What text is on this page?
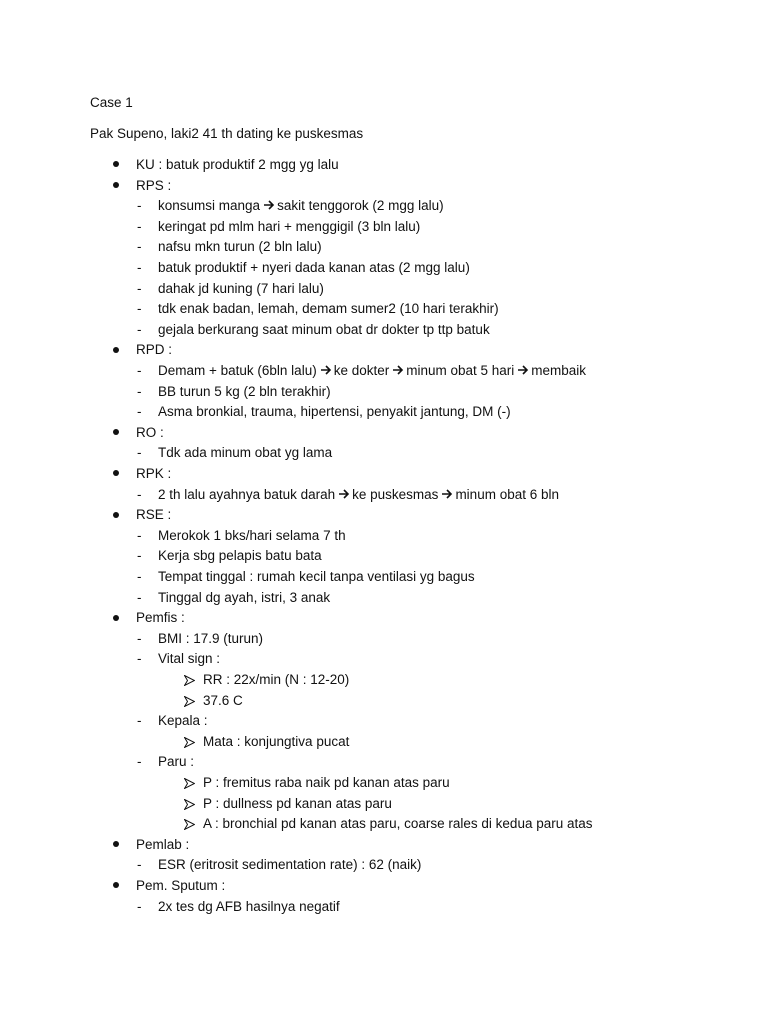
Case 1
Pak Supeno, laki2 41 th dating ke puskesmas
KU : batuk produktif 2 mgg yg lalu
RPS :
- konsumsi manga sakit tenggorok (2 mgg lalu)
- keringat pd mlm hari + menggigil (3 bln lalu)
- nafsu mkn turun (2 bln lalu)
- batuk produktif + nyeri dada kanan atas (2 mgg lalu)
- dahak jd kuning (7 hari lalu)
- tdk enak badan, lemah, demam sumer2 (10 hari terakhir)
- gejala berkurang saat minum obat dr dokter tp ttp batuk
RPD :
- Demam + batuk (6bln lalu) ke dokter minum obat 5 hari membaik
- BB turun 5 kg (2 bln terakhir)
- Asma bronkial, trauma, hipertensi, penyakit jantung, DM (-)
RO :
- Tdk ada minum obat yg lama
RPK :
- 2 th lalu ayahnya batuk darah ke puskesmas minum obat 6 bln
RSE :
- Merokok 1 bks/hari selama 7 th
- Kerja sbg pelapis batu bata
- Tempat tinggal : rumah kecil tanpa ventilasi yg bagus
- Tinggal dg ayah, istri, 3 anak
Pemfis :
- BMI : 17.9 (turun)
- Vital sign :
RR : 22x/min (N : 12-20)
37.6 C
- Kepala :
Mata : konjungtiva pucat
- Paru :
P : fremitus raba naik pd kanan atas paru
P : dullness pd kanan atas paru
A : bronchial pd kanan atas paru, coarse rales di kedua paru atas
Pemlab :
- ESR (eritrosit sedimentation rate) : 62 (naik)
Pem. Sputum :
- 2x tes dg AFB hasilnya negatif
